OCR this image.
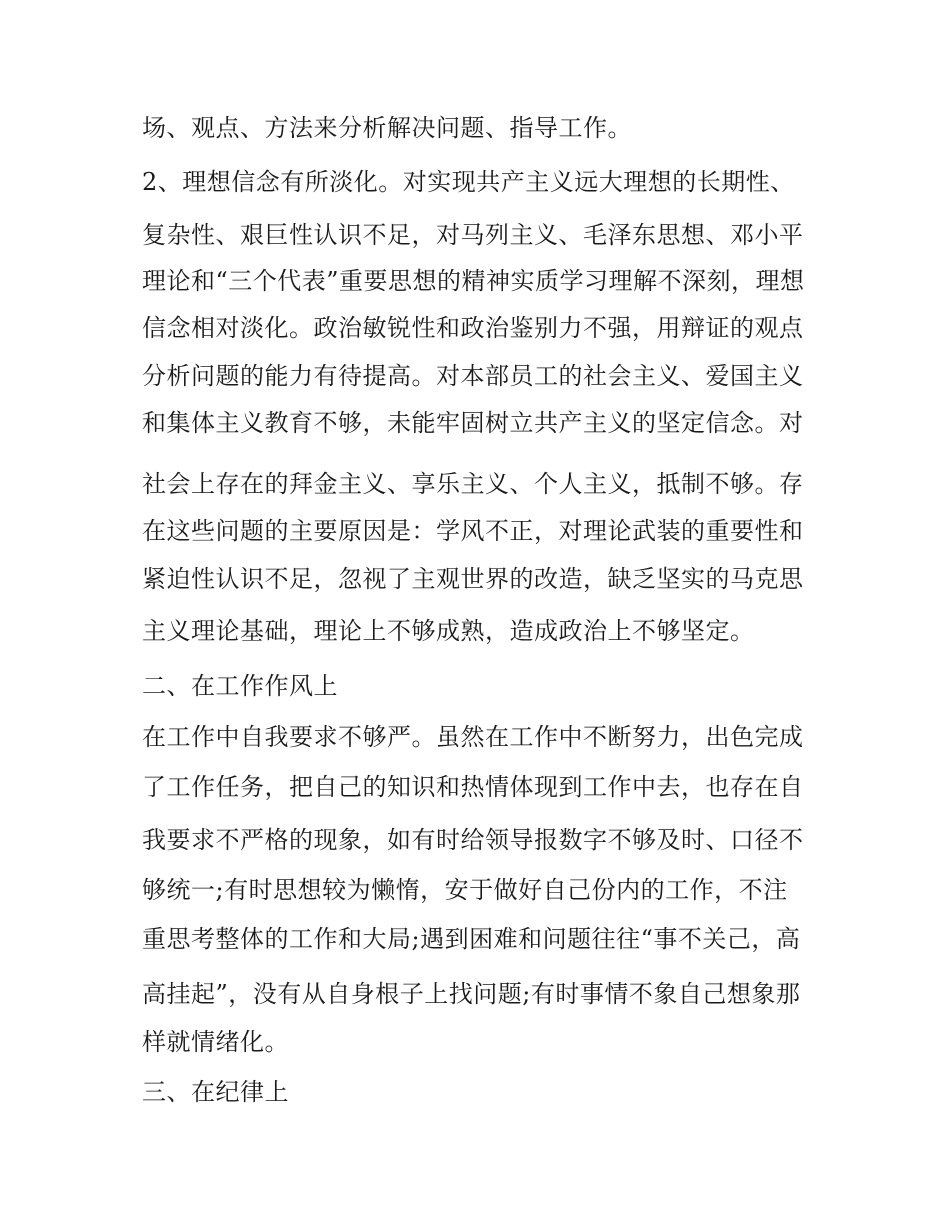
场、观点、方法来分析解决问题、指导工作。
2、理想信念有所淡化。对实现共产主义远大理想的长期性、
复杂性、艰巨性认识不足，对马列主义、毛泽东思想、邓小平
理论和“三个代表”重要思想的精神实质学习理解不深刻，理想
信念相对淡化。政治敏锐性和政治鉴别力不强，用辩证的观点
分析问题的能力有待提高。对本部员工的社会主义、爱国主义
和集体主义教育不够，未能牢固树立共产主义的坚定信念。对
社会上存在的拜金主义、享乐主义、个人主义，抵制不够。存
在这些问题的主要原因是：学风不正，对理论武装的重要性和
紧迫性认识不足，忽视了主观世界的改造，缺乏坚实的马克思
主义理论基础，理论上不够成熟，造成政治上不够坚定。
二、在工作作风上
在工作中自我要求不够严。虽然在工作中不断努力，出色完成
了工作任务，把自己的知识和热情体现到工作中去，也存在自
我要求不严格的现象，如有时给领导报数字不够及时、口径不
够统一;有时思想较为懒惰，安于做好自己份内的工作，不注
重思考整体的工作和大局;遇到困难和问题往往“事不关己，高
高挂起”，没有从自身根子上找问题;有时事情不象自己想象那
样就情绪化。
三、在纪律上
